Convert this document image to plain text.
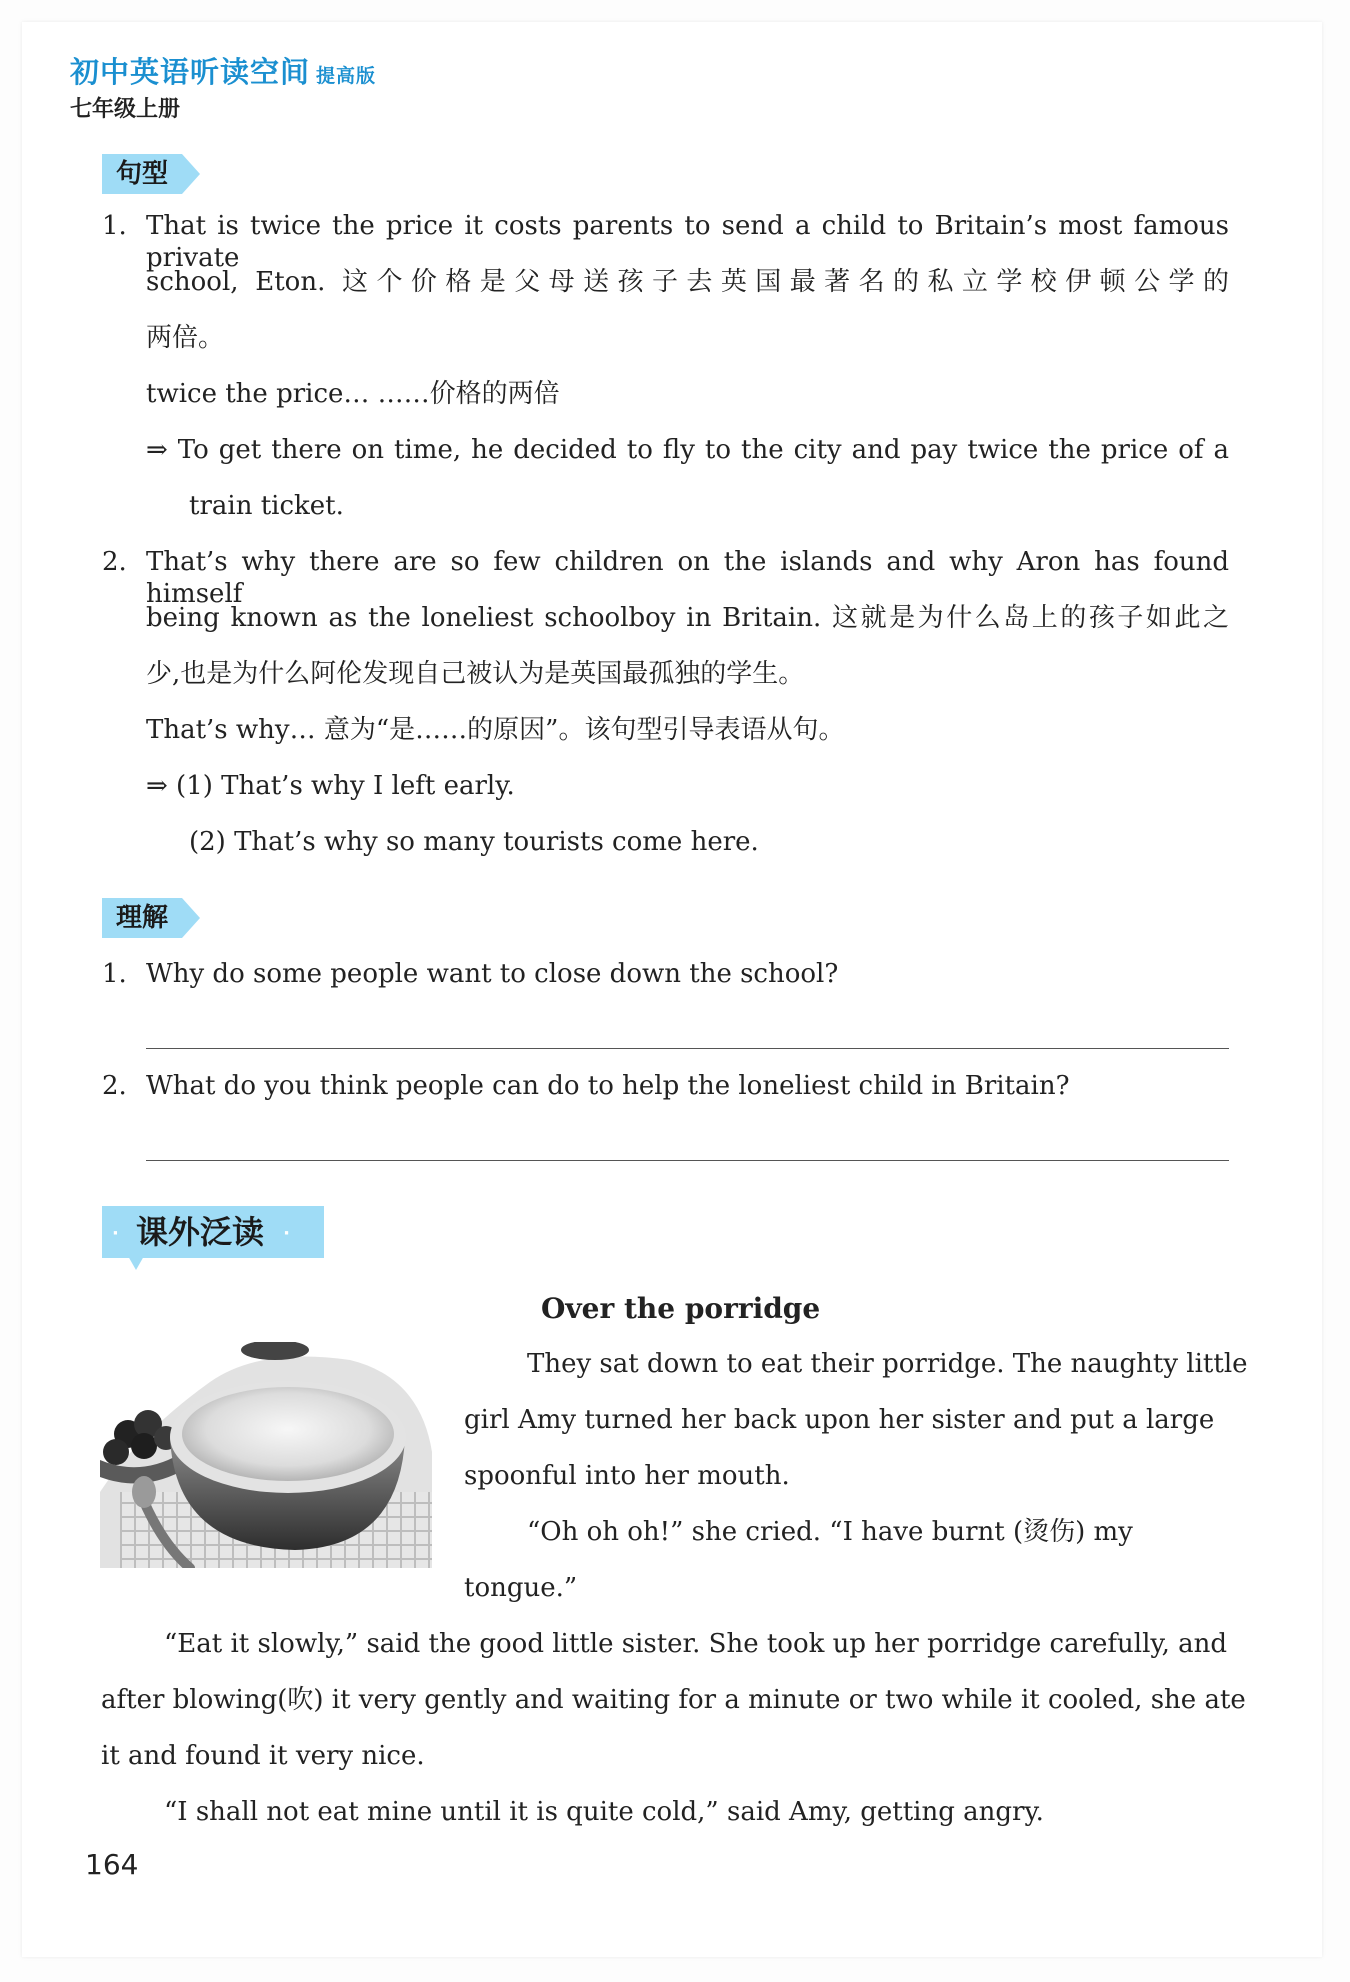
初中英语听读空间 提高版
七年级上册
句型
1. That is twice the price it costs parents to send a child to Britain’s most famous private
school, Eton. 这个价格是父母送孩子去英国最著名的私立学校伊顿公学的
两倍。
twice the price… ……价格的两倍
⇒ To get there on time, he decided to fly to the city and pay twice the price of a
train ticket.
2. That’s why there are so few children on the islands and why Aron has found himself
being known as the loneliest schoolboy in Britain. 这就是为什么岛上的孩子如此之
少,也是为什么阿伦发现自己被认为是英国最孤独的学生。
That’s why… 意为“是……的原因”。该句型引导表语从句。
⇒ (1) That’s why I left early.
(2) That’s why so many tourists come here.
理解
1. Why do some people want to close down the school?
2. What do you think people can do to help the loneliest child in Britain?
· 课外泛读 ·
Over the porridge
They sat down to eat their porridge. The naughty little
girl Amy turned her back upon her sister and put a large
spoonful into her mouth.
“Oh oh oh!” she cried. “I have burnt (烫伤) my
tongue.”
“Eat it slowly,” said the good little sister. She took up her porridge carefully, and
after blowing(吹) it very gently and waiting for a minute or two while it cooled, she ate
it and found it very nice.
“I shall not eat mine until it is quite cold,” said Amy, getting angry.
164
